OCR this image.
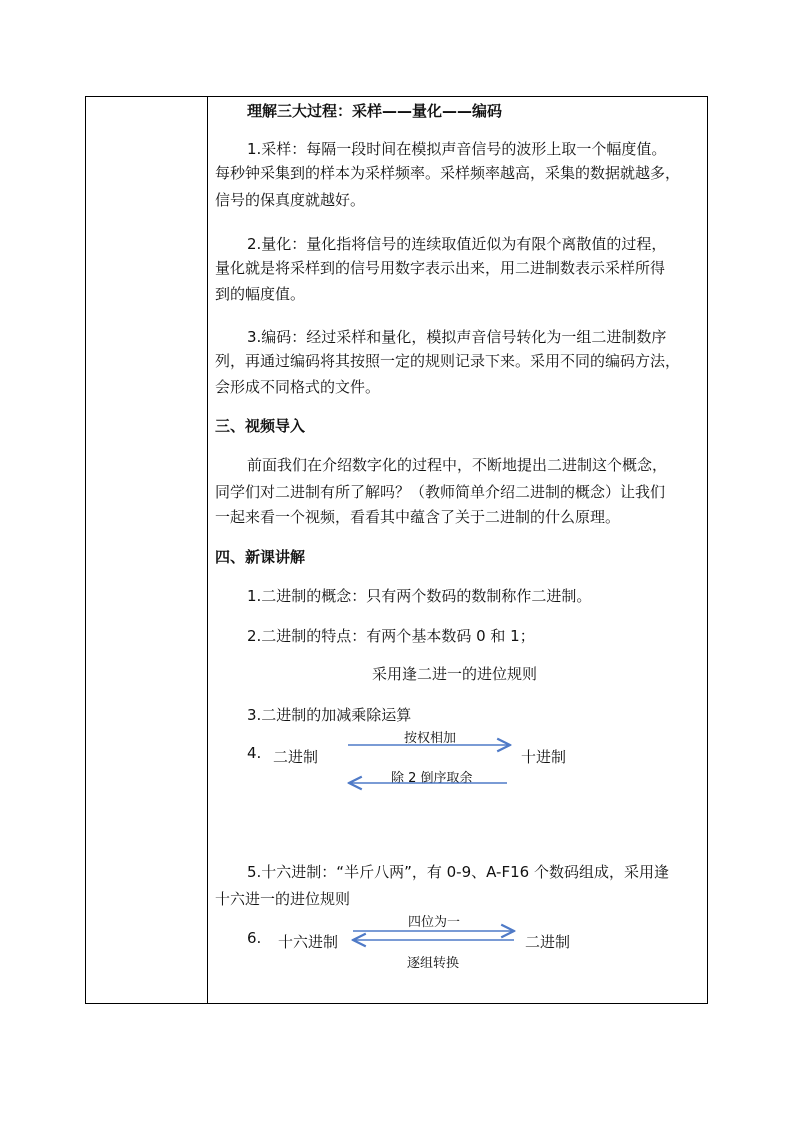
理解三大过程：采样——量化——编码
1.采样：每隔一段时间在模拟声音信号的波形上取一个幅度值。
每秒钟采集到的样本为采样频率。采样频率越高，采集的数据就越多，
信号的保真度就越好。
2.量化：量化指将信号的连续取值近似为有限个离散值的过程，
量化就是将采样到的信号用数字表示出来，用二进制数表示采样所得
到的幅度值。
3.编码：经过采样和量化，模拟声音信号转化为一组二进制数序
列，再通过编码将其按照一定的规则记录下来。采用不同的编码方法，
会形成不同格式的文件。
三、视频导入
前面我们在介绍数字化的过程中，不断地提出二进制这个概念，
同学们对二进制有所了解吗？（教师简单介绍二进制的概念）让我们
一起来看一个视频，看看其中蕴含了关于二进制的什么原理。
四、新课讲解
1.二进制的概念：只有两个数码的数制称作二进制。
2.二进制的特点：有两个基本数码 0 和 1；
采用逢二进一的进位规则
3.二进制的加减乘除运算
4. 二进制	十进制
按权相加
除 2 倒序取余
5.十六进制：“半斤八两”，有 0-9、A-F16 个数码组成，采用逢
十六进一的进位规则
6. 十六进制	二进制
四位为一
逐组转换
